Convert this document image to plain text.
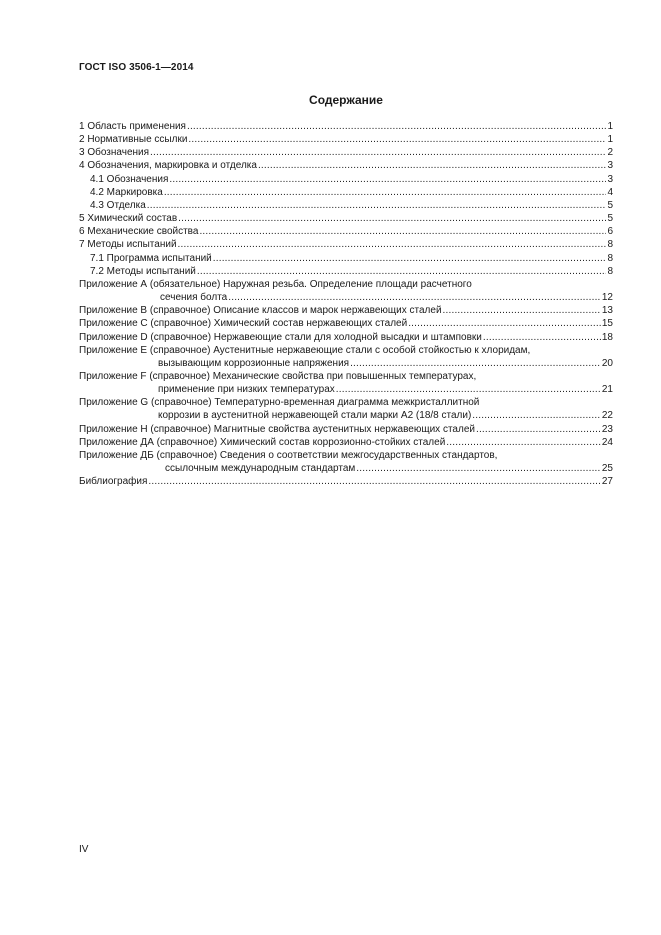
ГОСТ ISO 3506-1—2014
Содержание
1 Область применения .....	1
2 Нормативные ссылки .....	1
3 Обозначения .....	2
4 Обозначения, маркировка и отделка .....	3
4.1 Обозначения .....	3
4.2 Маркировка .....	4
4.3 Отделка .....	5
5 Химический состав .....	5
6 Механические свойства .....	6
7 Методы испытаний .....	8
7.1 Программа испытаний .....	8
7.2 Методы испытаний .....	8
Приложение А (обязательное) Наружная резьба. Определение площади расчетного
сечения болта .....	12
Приложение В (справочное) Описание классов и марок нержавеющих сталей .....	13
Приложение С (справочное) Химический состав нержавеющих сталей .....	15
Приложение D (справочное) Нержавеющие стали для холодной высадки и штамповки .....	18
Приложение Е (справочное) Аустенитные нержавеющие стали с особой стойкостью к хлоридам,
вызывающим коррозионные напряжения .....	20
Приложение F (справочное) Механические свойства при повышенных температурах,
применение при низких температурах .....	21
Приложение G (справочное) Температурно-временная диаграмма межкристаллитной
коррозии в аустенитной нержавеющей стали марки А2 (18/8 стали) .....	22
Приложение Н (справочное) Магнитные свойства аустенитных нержавеющих сталей .....	23
Приложение ДА (справочное) Химический состав коррозионно-стойких сталей .....	24
Приложение ДБ (справочное) Сведения о соответствии межгосударственных стандартов,
ссылочным международным стандартам .....	25
Библиография .....	27
IV
